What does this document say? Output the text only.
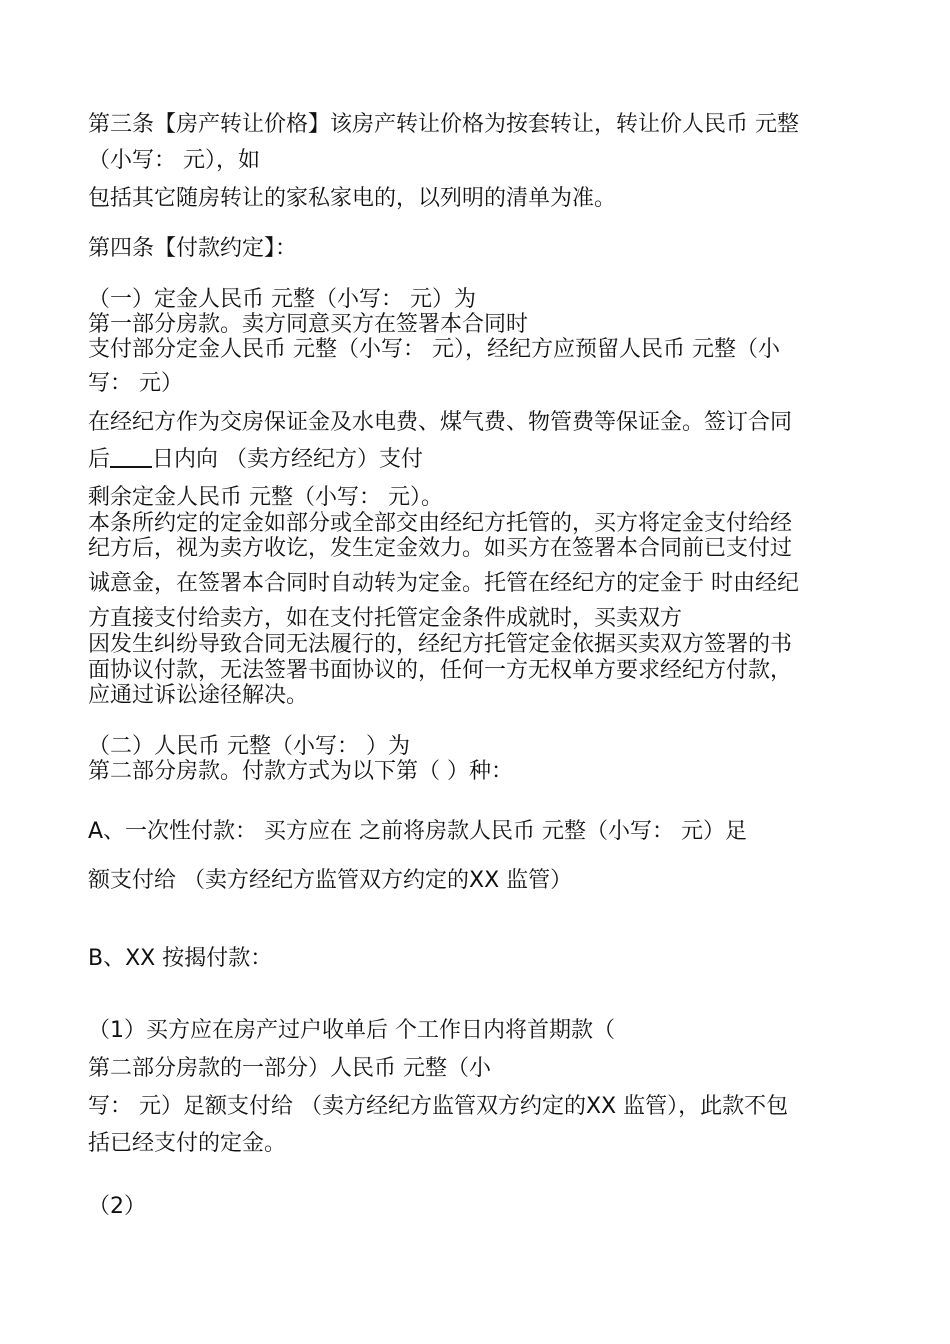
第三条【房产转让价格】该房产转让价格为按套转让，转让价人民币 元整
（小写： 元），如
包括其它随房转让的家私家电的，以列明的清单为准。
第四条【付款约定】：
（一）定金人民币 元整（小写： 元）为
第一部分房款。卖方同意买方在签署本合同时
支付部分定金人民币 元整（小写： 元），经纪方应预留人民币 元整（小
写： 元）
在经纪方作为交房保证金及水电费、煤气费、物管费等保证金。签订合同
后 日内向 （卖方经纪方）支付
剩余定金人民币 元整（小写： 元）。
本条所约定的定金如部分或全部交由经纪方托管的，买方将定金支付给经
纪方后，视为卖方收讫，发生定金效力。如买方在签署本合同前已支付过
诚意金，在签署本合同时自动转为定金。托管在经纪方的定金于 时由经纪
方直接支付给卖方，如在支付托管定金条件成就时，买卖双方
因发生纠纷导致合同无法履行的，经纪方托管定金依据买卖双方签署的书
面协议付款，无法签署书面协议的，任何一方无权单方要求经纪方付款，
应通过诉讼途径解决。
（二）人民币 元整（小写： ）为
第二部分房款。付款方式为以下第（ ）种：
A、一次性付款： 买方应在 之前将房款人民币 元整（小写： 元）足
额支付给 （卖方经纪方监管双方约定的XX 监管）
B、XX 按揭付款：
（1）买方应在房产过户收单后 个工作日内将首期款（
第二部分房款的一部分）人民币 元整（小
写： 元）足额支付给 （卖方经纪方监管双方约定的XX 监管），此款不包
括已经支付的定金。
（2）
